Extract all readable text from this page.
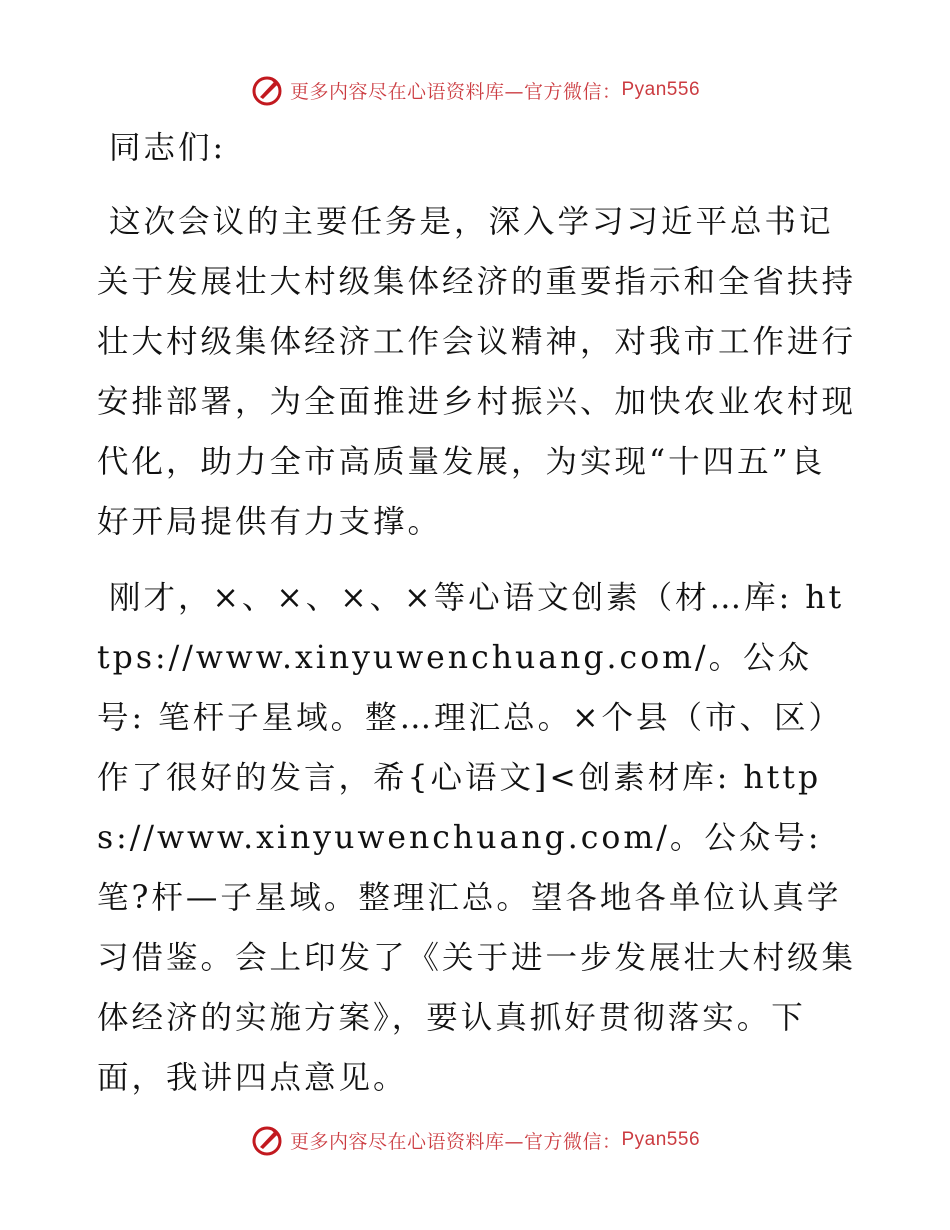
更多内容尽在心语资料库—官方微信： Pyan556

同志们:

这次会议的主要任务是，深入学习习近平总书记关于发展壮大村级集体经济的重要指示和全省扶持壮大村级集体经济工作会议精神，对我市工作进行安排部署，为全面推进乡村振兴、加快农业农村现代化，助力全市高质量发展，为实现“十四五”良好开局提供有力支撑。

刚才，×、×、×、×等心语文创素（材…库: https://www.xinyuwenchuang.com/。公众号: 笔杆子星域。整…理汇总。×个县（市、区）作了很好的发言，希{心语文]<创素材库: https://www.xinyuwenchuang.com/。公众号: 笔?杆—子星域。整理汇总。望各地各单位认真学习借鉴。会上印发了《关于进一步发展壮大村级集体经济的实施方案》，要认真抓好贯彻落实。下面，我讲四点意见。

更多内容尽在心语资料库—官方微信： Pyan556
